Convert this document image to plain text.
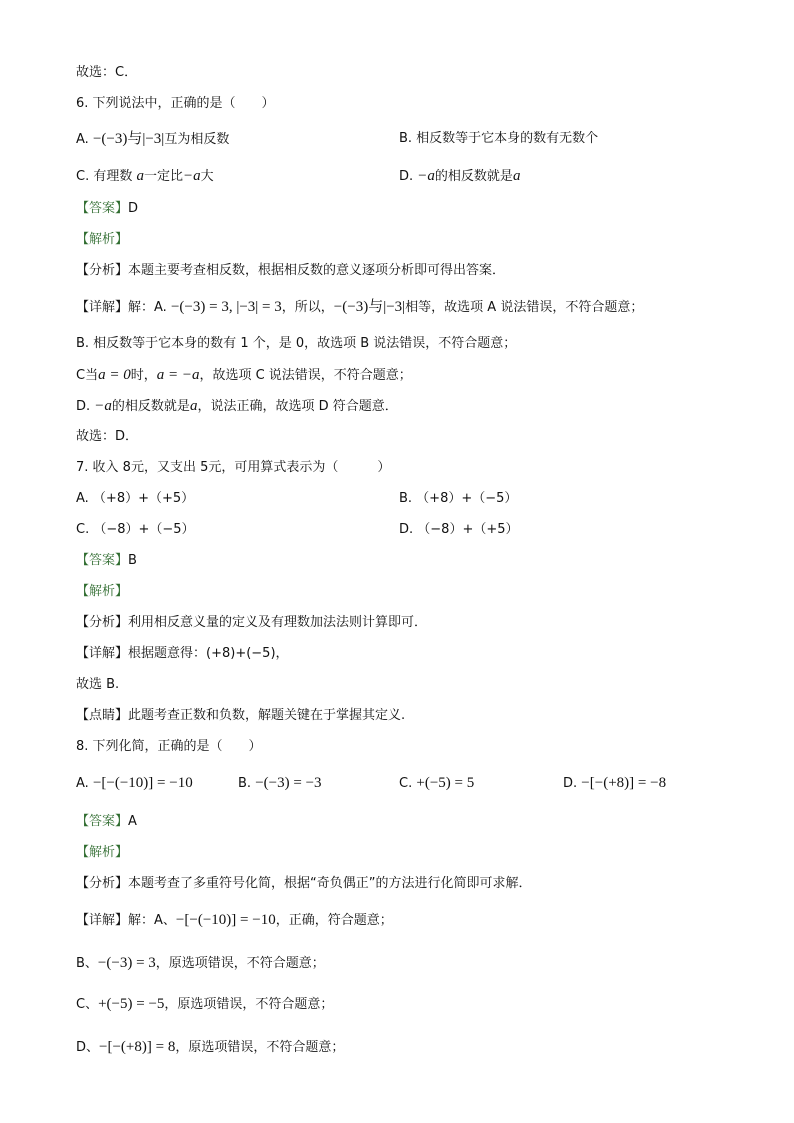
故选：C．
6. 下列说法中，正确的是（　　）
A. −(−3)与|−3|互为相反数	B. 相反数等于它本身的数有无数个
C. 有理数 a一定比−a大	D. −a的相反数就是a
【答案】D
【解析】
【分析】本题主要考查相反数，根据相反数的意义逐项分析即可得出答案．
【详解】解：A. −(−3) = 3, |−3| = 3，所以，−(−3)与|−3|相等，故选项 A 说法错误，不符合题意；
B. 相反数等于它本身的数有 1 个，是 0，故选项 B 说法错误，不符合题意；
C当a = 0时，a = −a，故选项 C 说法错误，不符合题意；
D. −a的相反数就是a，说法正确，故选项 D 符合题意．
故选：D．
7. 收入 8元，又支出 5元，可用算式表示为（　　　）
A. （+8）+（+5）	B. （+8）+（−5）
C. （−8）+（−5）	D. （−8）+（+5）
【答案】B
【解析】
【分析】利用相反意义量的定义及有理数加法法则计算即可．
【详解】根据题意得：(+8)+(−5)，
故选 B.
【点睛】此题考查正数和负数，解题关键在于掌握其定义.
8. 下列化简，正确的是（　　）
A. −[−(−10)] = −10	B. −(−3) = −3	C. +(−5) = 5	D. −[−(+8)] = −8
【答案】A
【解析】
【分析】本题考查了多重符号化简，根据“奇负偶正”的方法进行化简即可求解．
【详解】解：A、−[−(−10)] = −10，正确，符合题意；
B、−(−3) = 3，原选项错误，不符合题意；
C、+(−5) = −5，原选项错误，不符合题意；
D、−[−(+8)] = 8，原选项错误，不符合题意；
